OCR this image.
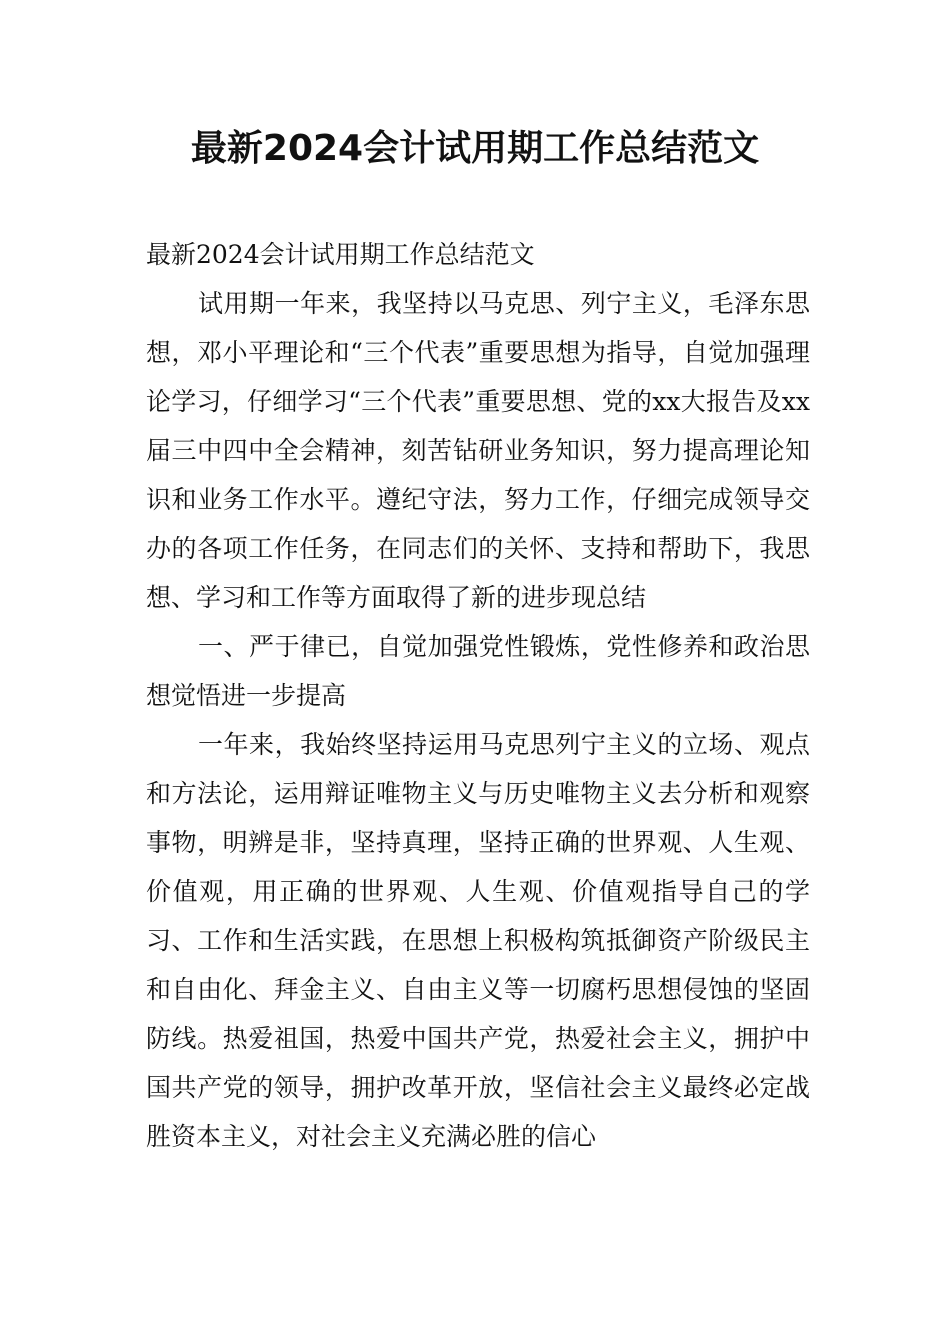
最新2024会计试用期工作总结范文

最新2024会计试用期工作总结范文

试用期一年来，我坚持以马克思、列宁主义，毛泽东思想，邓小平理论和“三个代表”重要思想为指导，自觉加强理论学习，仔细学习“三个代表”重要思想、党的xx大报告及xx届三中四中全会精神，刻苦钻研业务知识，努力提高理论知识和业务工作水平。遵纪守法，努力工作，仔细完成领导交办的各项工作任务，在同志们的关怀、支持和帮助下，我思想、学习和工作等方面取得了新的进步现总结

一、严于律已，自觉加强党性锻炼，党性修养和政治思想觉悟进一步提高

一年来，我始终坚持运用马克思列宁主义的立场、观点和方法论，运用辩证唯物主义与历史唯物主义去分析和观察事物，明辨是非，坚持真理，坚持正确的世界观、人生观、价值观，用正确的世界观、人生观、价值观指导自己的学习、工作和生活实践，在思想上积极构筑抵御资产阶级民主和自由化、拜金主义、自由主义等一切腐朽思想侵蚀的坚固防线。热爱祖国，热爱中国共产党，热爱社会主义，拥护中国共产党的领导，拥护改革开放，坚信社会主义最终必定战胜资本主义，对社会主义充满必胜的信心
